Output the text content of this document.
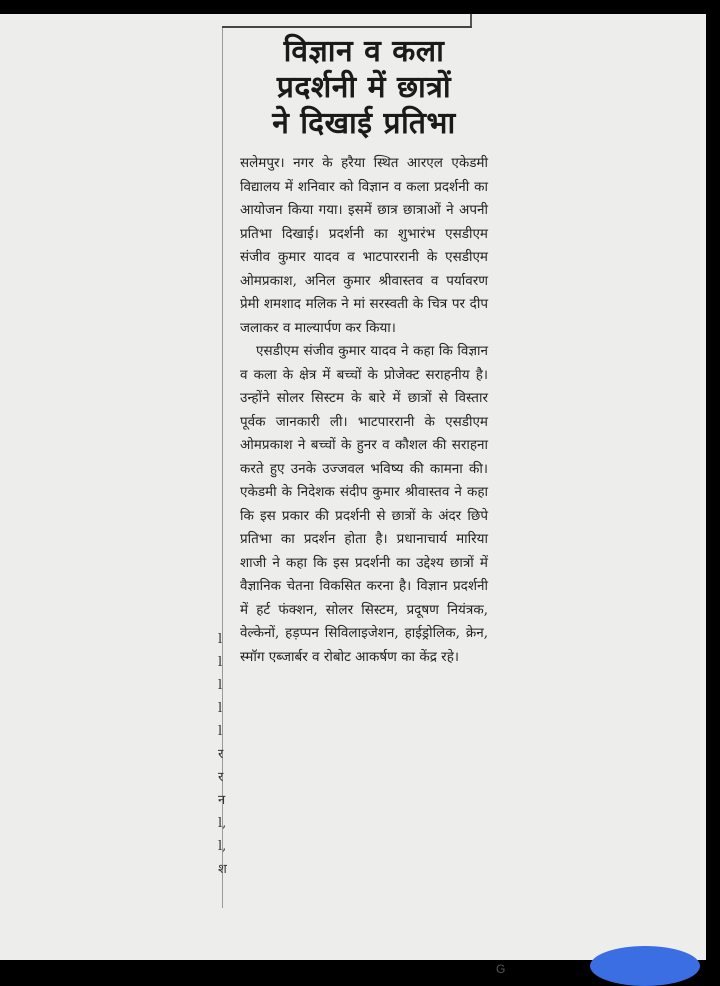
l
l
l
l
l
र
र
न
l,
l,
श
विज्ञान व कला
प्रदर्शनी में छात्रों
ने दिखाई प्रतिभा

सलेमपुर। नगर के हरैया स्थित आरएल एकेडमी विद्यालय में शनिवार को विज्ञान व कला प्रदर्शनी का आयोजन किया गया। इसमें छात्र छात्राओं ने अपनी प्रतिभा दिखाई। प्रदर्शनी का शुभारंभ एसडीएम संजीव कुमार यादव व भाटपाररानी के एसडीएम ओमप्रकाश, अनिल कुमार श्रीवास्तव व पर्यावरण प्रेमी शमशाद मलिक ने मां सरस्वती के चित्र पर दीप जलाकर व माल्यार्पण कर किया।

एसडीएम संजीव कुमार यादव ने कहा कि विज्ञान व कला के क्षेत्र में बच्चों के प्रोजेक्ट सराहनीय है। उन्होंने सोलर सिस्टम के बारे में छात्रों से विस्तार पूर्वक जानकारी ली। भाटपाररानी के एसडीएम ओमप्रकाश ने बच्चों के हुनर व कौशल की सराहना करते हुए उनके उज्जवल भविष्य की कामना की। एकेडमी के निदेशक संदीप कुमार श्रीवास्तव ने कहा कि इस प्रकार की प्रदर्शनी से छात्रों के अंदर छिपे प्रतिभा का प्रदर्शन होता है। प्रधानाचार्य मारिया शाजी ने कहा कि इस प्रदर्शनी का उद्देश्य छात्रों में वैज्ञानिक चेतना विकसित करना है। विज्ञान प्रदर्शनी में हर्ट फंक्शन, सोलर सिस्टम, प्रदूषण नियंत्रक, वेल्केनों, हड़प्पन सिविलाइजेशन, हाईड्रोलिक, क्रेन, स्मॉग एब्जार्बर व रोबोट आकर्षण का केंद्र रहे।

G
